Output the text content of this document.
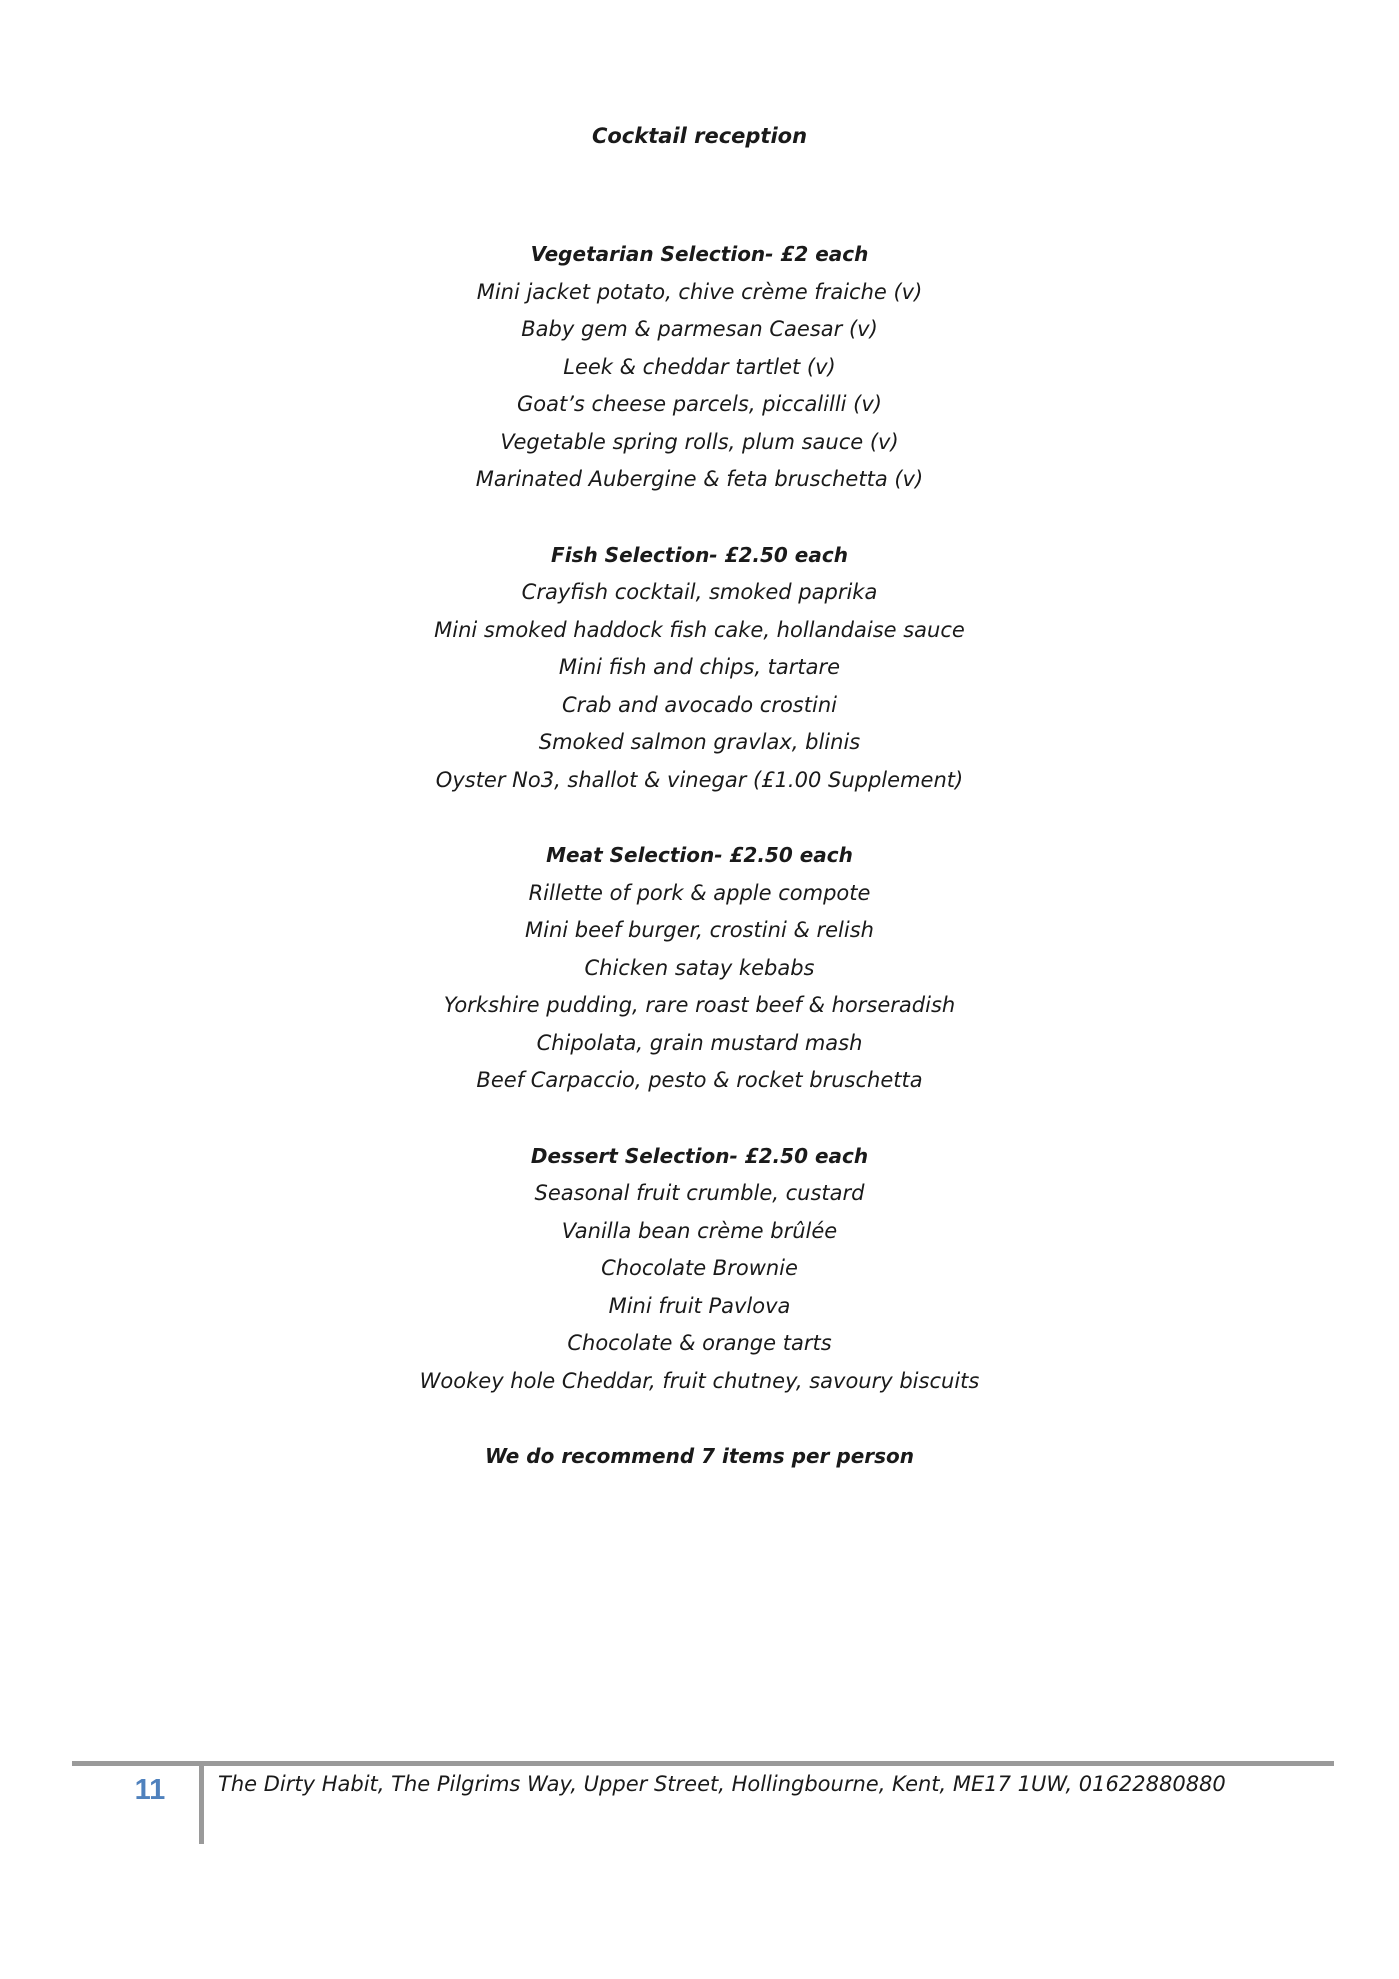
Cocktail reception
Vegetarian Selection- £2 each
Mini jacket potato, chive crème fraiche (v)
Baby gem & parmesan Caesar (v)
Leek & cheddar tartlet (v)
Goat’s cheese parcels, piccalilli (v)
Vegetable spring rolls, plum sauce (v)
Marinated Aubergine & feta bruschetta (v)
Fish Selection- £2.50 each
Crayfish cocktail, smoked paprika
Mini smoked haddock fish cake, hollandaise sauce
Mini fish and chips, tartare
Crab and avocado crostini
Smoked salmon gravlax, blinis
Oyster No3, shallot & vinegar (£1.00 Supplement)
Meat Selection- £2.50 each
Rillette of pork & apple compote
Mini beef burger, crostini & relish
Chicken satay kebabs
Yorkshire pudding, rare roast beef & horseradish
Chipolata, grain mustard mash
Beef Carpaccio, pesto & rocket bruschetta
Dessert Selection- £2.50 each
Seasonal fruit crumble, custard
Vanilla bean crème brûlée
Chocolate Brownie
Mini fruit Pavlova
Chocolate & orange tarts
Wookey hole Cheddar, fruit chutney, savoury biscuits
We do recommend 7 items per person
11	The Dirty Habit, The Pilgrims Way, Upper Street, Hollingbourne, Kent, ME17 1UW, 01622880880
